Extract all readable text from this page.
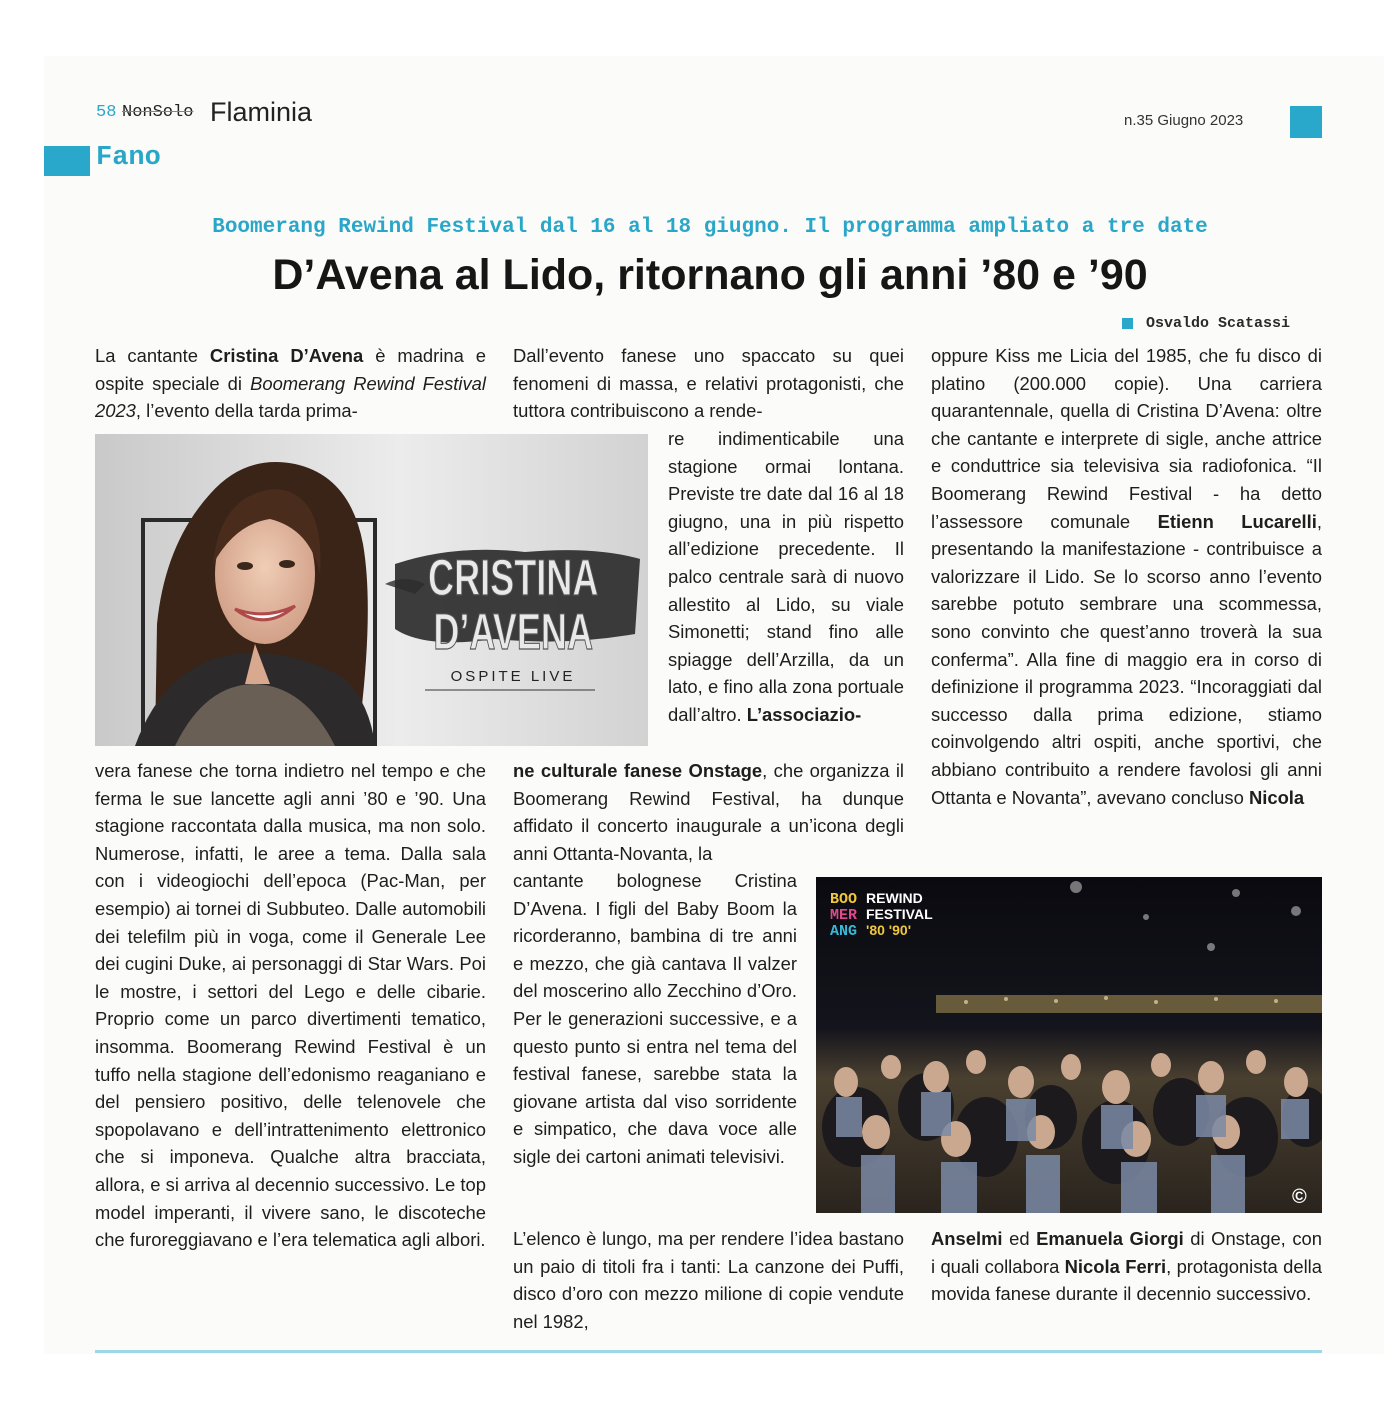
58 NonSolo Flaminia	n.35 Giugno 2023
Fano
Boomerang Rewind Festival dal 16 al 18 giugno. Il programma ampliato a tre date
D’Avena al Lido, ritornano gli anni ’80 e ’90
Osvaldo Scatassi

La cantante Cristina D’Avena è madrina e ospite speciale di Boomerang Rewind Festival 2023, l’evento della tarda prima-

CRISTINA
D’AVENA
OSPITE LIVE

vera fanese che torna indietro nel tempo e che ferma le sue lancette agli anni ’80 e ’90. Una stagione raccontata dalla musica, ma non solo. Numerose, infatti, le aree a tema. Dalla sala con i videogiochi dell’epoca (Pac-Man, per esempio) ai tornei di Subbuteo. Dalle automobili dei telefilm più in voga, come il Generale Lee dei cugini Duke, ai personaggi di Star Wars. Poi le mostre, i settori del Lego e delle cibarie. Proprio come un parco divertimenti tematico, insomma. Boomerang Rewind Festival è un tuffo nella stagione dell’edonismo reaganiano e del pensiero positivo, delle telenovele che spopolavano e dell’intrattenimento elettronico che si imponeva. Qualche altra bracciata, allora, e si arriva al decennio successivo. Le top model imperanti, il vivere sano, le discoteche che furoreggiavano e l’era telematica agli albori.

Dall’evento fanese uno spaccato su quei fenomeni di massa, e relativi protagonisti, che tuttora contribuiscono a rende-

re indimenticabile una stagione ormai lontana. Previste tre date dal 16 al 18 giugno, una in più rispetto all’edizione precedente. Il palco centrale sarà di nuovo allestito al Lido, su viale Simonetti; stand fino alle spiagge dell’Arzilla, da un lato, e fino alla zona portuale dall’altro. L’associazio-

ne culturale fanese Onstage, che organizza il Boomerang Rewind Festival, ha dunque affidato il concerto inaugurale a un’icona degli anni Ottanta-Novanta, la

cantante bolognese Cristina D’Avena. I figli del Baby Boom la ricorderanno, bambina di tre anni e mezzo, che già cantava Il valzer del moscerino allo Zecchino d’Oro. Per le generazioni successive, e a questo punto si entra nel tema del festival fanese, sarebbe stata la giovane artista dal viso sorridente e simpatico, che dava voce alle sigle dei cartoni animati televisivi.

L’elenco è lungo, ma per rendere l’idea bastano un paio di titoli fra i tanti: La canzone dei Puffi, disco d’oro con mezzo milione di copie vendute nel 1982,

oppure Kiss me Licia del 1985, che fu disco di platino (200.000 copie). Una carriera quarantennale, quella di Cristina D’Avena: oltre che cantante e interprete di sigle, anche attrice e conduttrice sia televisiva sia radiofonica. “Il Boomerang Rewind Festival - ha detto l’assessore comunale Etienn Lucarelli, presentando la manifestazione - contribuisce a valorizzare il Lido. Se lo scorso anno l’evento sarebbe potuto sembrare una scommessa, sono convinto che quest’anno troverà la sua conferma”. Alla fine di maggio era in corso di definizione il programma 2023. “Incoraggiati dal successo dalla prima edizione, stiamo coinvolgendo altri ospiti, anche sportivi, che abbiano contribuito a rendere favolosi gli anni Ottanta e Novanta”, avevano concluso Nicola

BOO
MER
ANG
REWIND
FESTIVAL
'80 '90'
©

Anselmi ed Emanuela Giorgi di Onstage, con i quali collabora Nicola Ferri, protagonista della movida fanese durante il decennio successivo.
